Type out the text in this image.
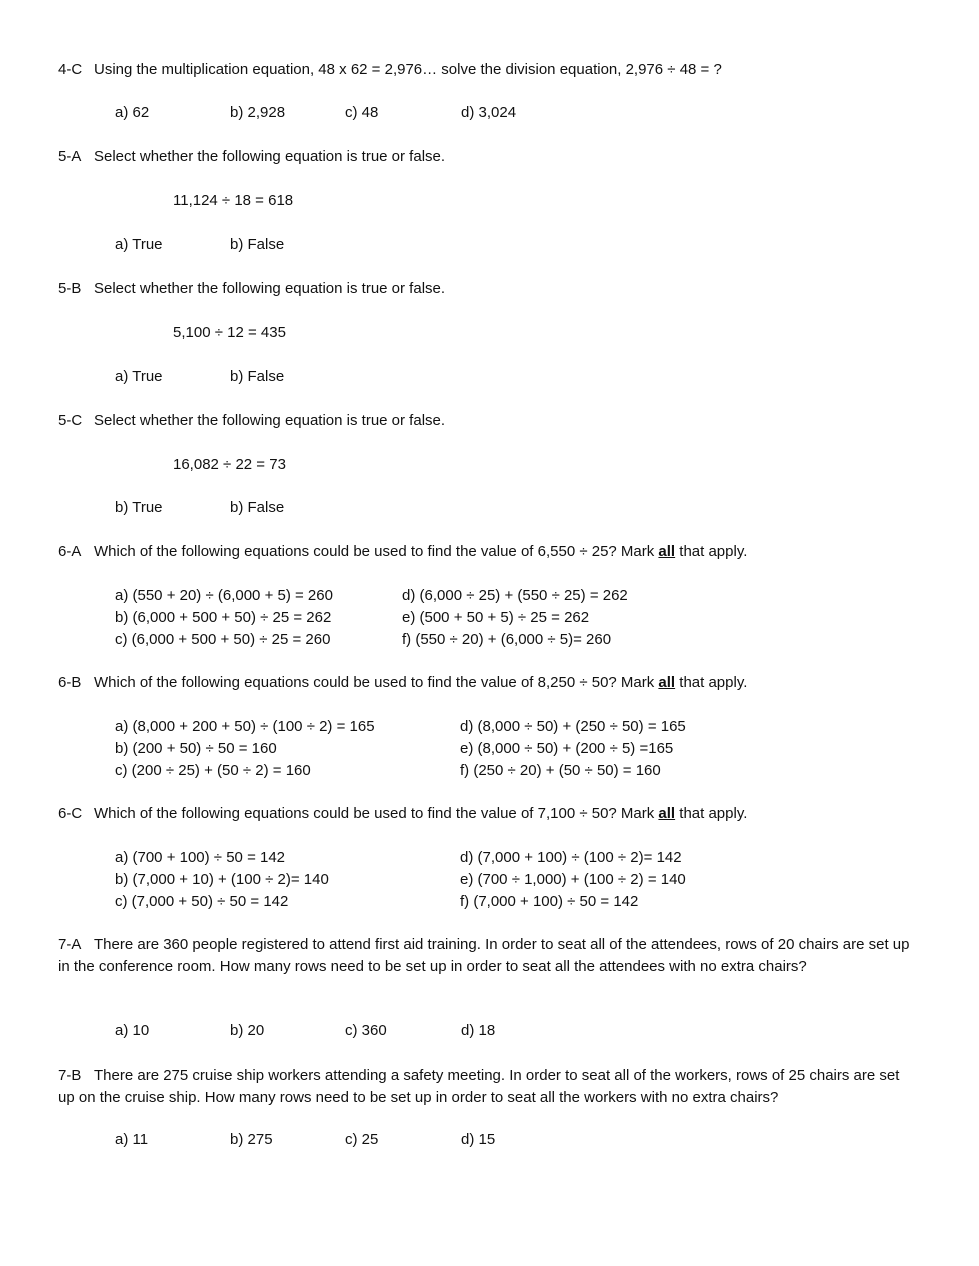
4-C Using the multiplication equation, 48 x 62 = 2,976… solve the division equation, 2,976 ÷ 48 = ?
a) 62	b) 2,928	c) 48	d) 3,024
5-A Select whether the following equation is true or false.
11,124 ÷ 18 = 618
a) True	b) False
5-B Select whether the following equation is true or false.
5,100 ÷ 12 = 435
a) True	b) False
5-C Select whether the following equation is true or false.
16,082 ÷ 22 = 73
b) True	b) False
6-A Which of the following equations could be used to find the value of 6,550 ÷ 25? Mark all that apply.
a) (550 + 20) ÷ (6,000 + 5) = 260
b) (6,000 + 500 + 50) ÷ 25 = 262
c) (6,000 + 500 + 50) ÷ 25 = 260
d) (6,000 ÷ 25) + (550 ÷ 25) = 262
e) (500 + 50 + 5) ÷ 25 = 262
f) (550 ÷ 20) + (6,000 ÷ 5)= 260
6-B Which of the following equations could be used to find the value of 8,250 ÷ 50? Mark all that apply.
a) (8,000 + 200 + 50) ÷ (100 ÷ 2) = 165
b) (200 + 50) ÷ 50 = 160
c) (200 ÷ 25) + (50 ÷ 2) = 160
d) (8,000 ÷ 50) + (250 ÷ 50) = 165
e) (8,000 ÷ 50) + (200 ÷ 5) =165
f) (250 ÷ 20) + (50 ÷ 50) = 160
6-C Which of the following equations could be used to find the value of 7,100 ÷ 50? Mark all that apply.
a) (700 + 100) ÷ 50 = 142
b) (7,000 + 10) + (100 ÷ 2)= 140
c) (7,000 + 50) ÷ 50 = 142
d) (7,000 + 100) ÷ (100 ÷ 2)= 142
e) (700 ÷ 1,000) + (100 ÷ 2) = 140
f) (7,000 + 100) ÷ 50 = 142
7-A There are 360 people registered to attend first aid training. In order to seat all of the attendees, rows of 20 chairs are set up in the conference room. How many rows need to be set up in order to seat all the attendees with no extra chairs?
a) 10	b) 20	c) 360	d) 18
7-B There are 275 cruise ship workers attending a safety meeting. In order to seat all of the workers, rows of 25 chairs are set up on the cruise ship. How many rows need to be set up in order to seat all the workers with no extra chairs?
a) 11	b) 275	c) 25	d) 15
